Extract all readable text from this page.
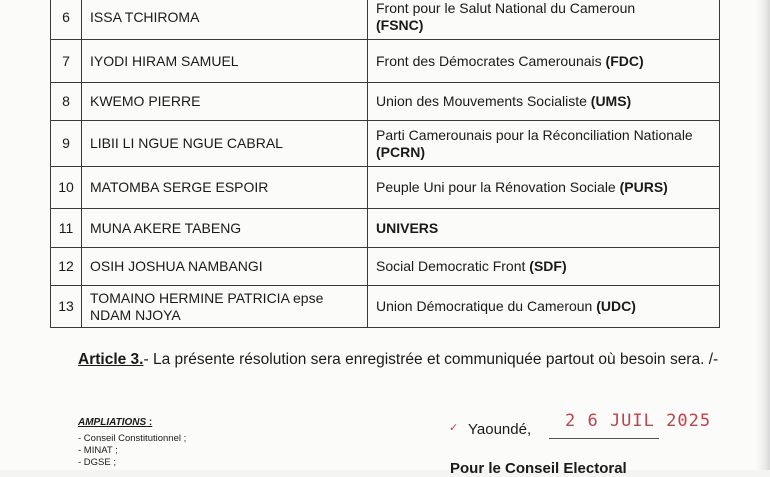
6	ISSA TCHIROMA	Front pour le Salut National du Cameroun
(FSNC)
7	IYODI HIRAM SAMUEL	Front des Démocrates Camerounais (FDC)
8	KWEMO PIERRE	Union des Mouvements Socialiste (UMS)
9	LIBII LI NGUE NGUE CABRAL	Parti Camerounais pour la Réconciliation Nationale (PCRN)
10	MATOMBA SERGE ESPOIR	Peuple Uni pour la Rénovation Sociale (PURS)
11	MUNA AKERE TABENG	UNIVERS
12	OSIH JOSHUA NAMBANGI	Social Democratic Front (SDF)
13	TOMAINO HERMINE PATRICIA epse NDAM NJOYA	Union Démocratique du Cameroun (UDC)
Article 3.- La présente résolution sera enregistrée et communiquée partout où besoin sera. /-
AMPLIATIONS :
- Conseil Constitutionnel ;
- MINAT ;
- DGSE ;
✓ Yaoundé, 2 6 JUIL 2025
Pour le Conseil Electoral
